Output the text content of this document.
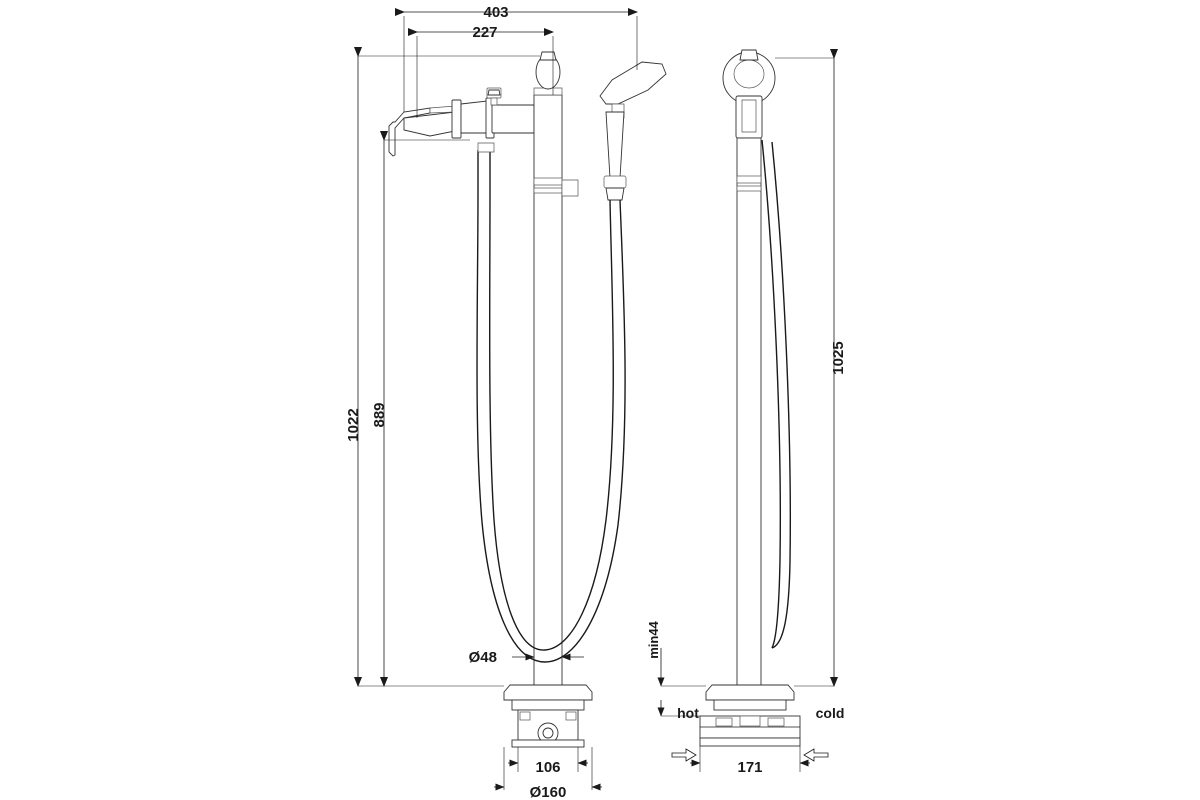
403
227
1022 889
1025
Ø48
106
Ø160
171
min44
hot	cold
